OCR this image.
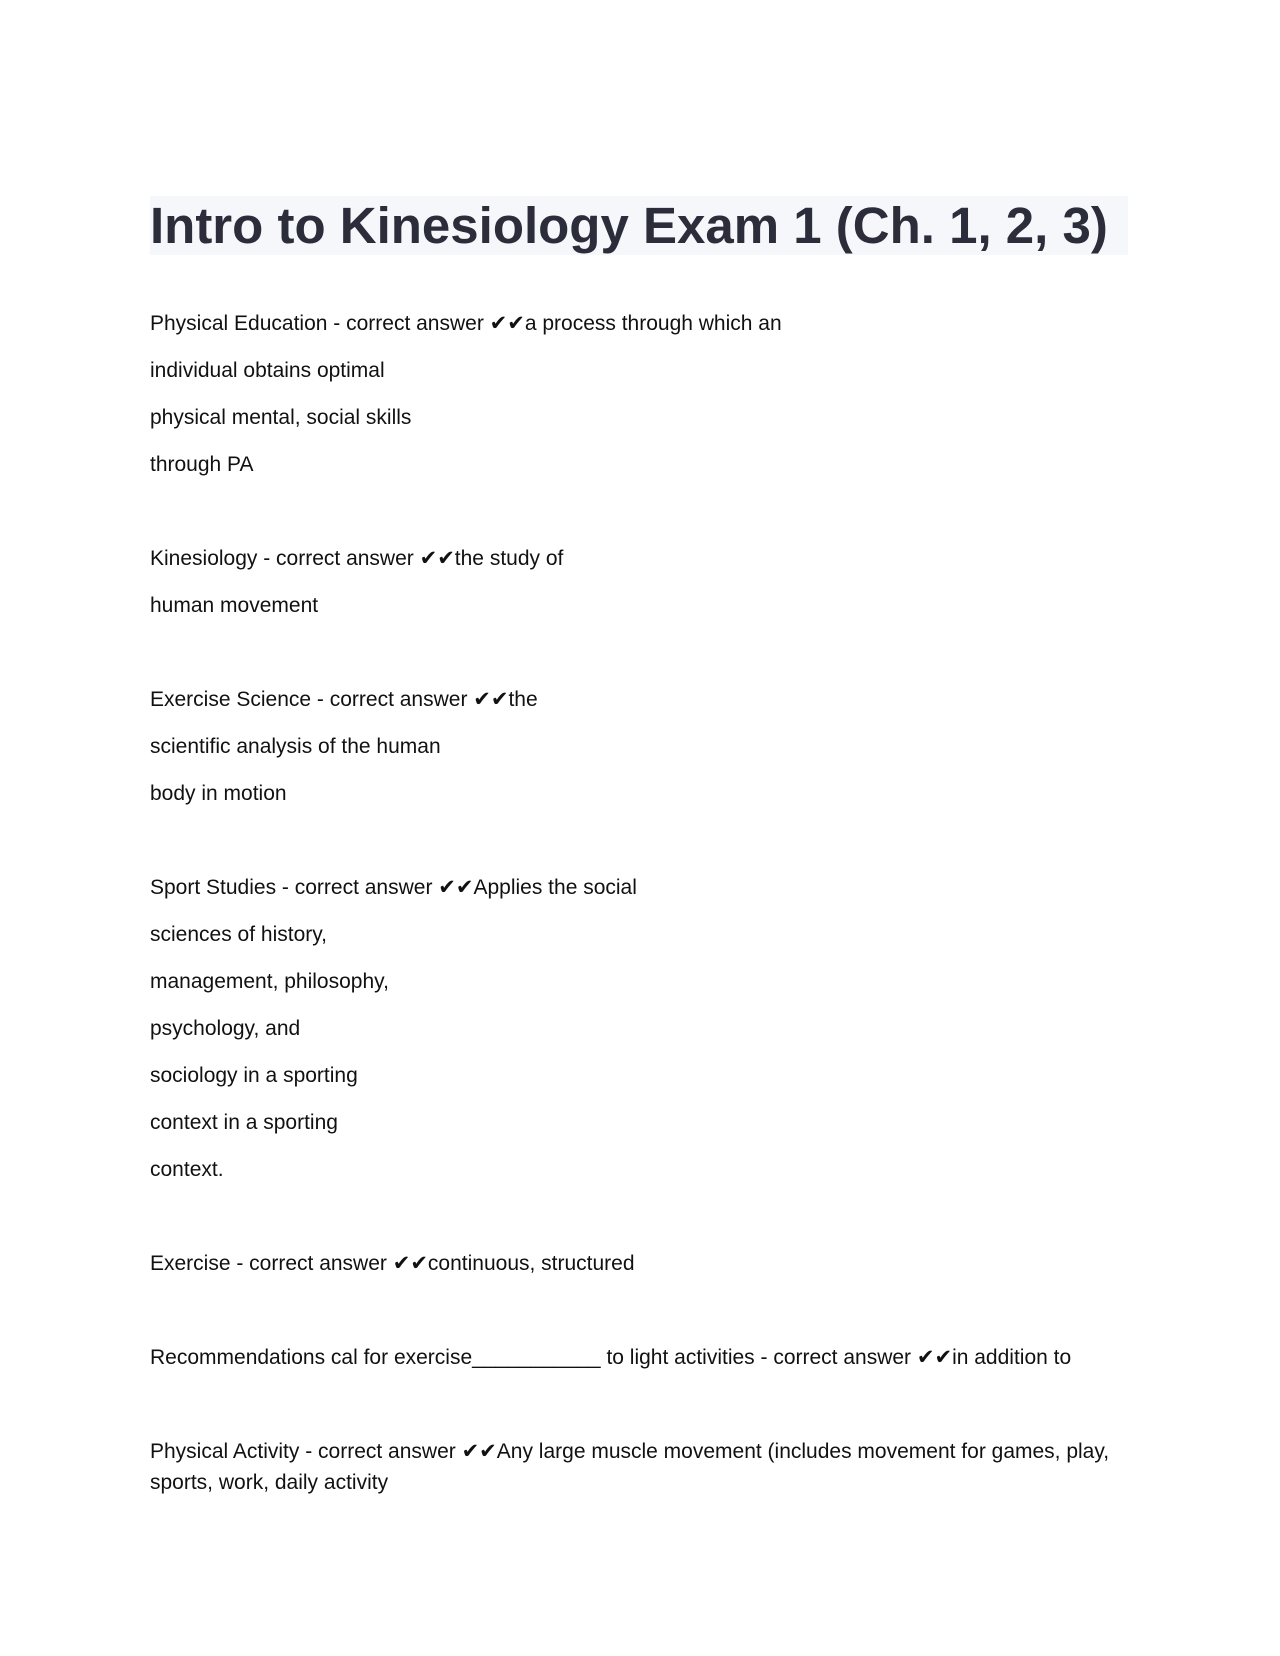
Intro to Kinesiology Exam 1 (Ch. 1, 2, 3)
Physical Education - correct answer ✔✔a process through which an
individual obtains optimal
physical mental, social skills
through PA
Kinesiology - correct answer ✔✔the study of
human movement
Exercise Science - correct answer ✔✔the
scientific analysis of the human
body in motion
Sport Studies - correct answer ✔✔Applies the social
sciences of history,
management, philosophy,
psychology, and
sociology in a sporting
context in a sporting
context.
Exercise - correct answer ✔✔continuous, structured
Recommendations cal for exercise___________ to light activities - correct answer ✔✔in addition to
Physical Activity - correct answer ✔✔Any large muscle movement (includes movement for games, play, sports, work, daily activity
